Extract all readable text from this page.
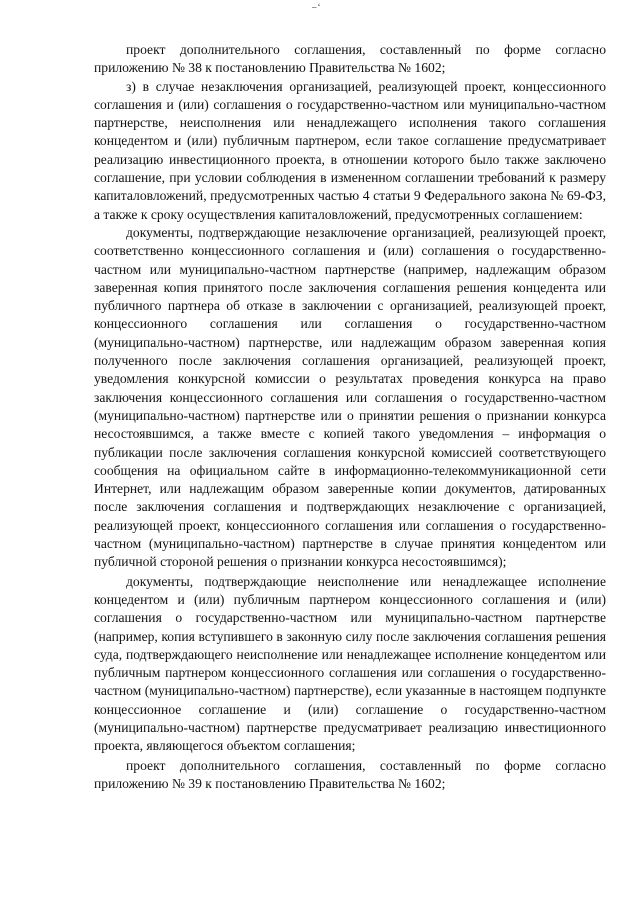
–‘

проект дополнительного соглашения, составленный по форме согласно приложению № 38 к постановлению Правительства № 1602;

з) в случае незаключения организацией, реализующей проект, концессионного соглашения и (или) соглашения о государственно-частном или муниципально-частном партнерстве, неисполнения или ненадлежащего исполнения такого соглашения концедентом и (или) публичным партнером, если такое соглашение предусматривает реализацию инвестиционного проекта, в отношении которого было также заключено соглашение, при условии соблюдения в измененном соглашении требований к размеру капиталовложений, предусмотренных частью 4 статьи 9 Федерального закона № 69-ФЗ, а также к сроку осуществления капиталовложений, предусмотренных соглашением:

документы, подтверждающие незаключение организацией, реализующей проект, соответственно концессионного соглашения и (или) соглашения о государственно-частном или муниципально-частном партнерстве (например, надлежащим образом заверенная копия принятого после заключения соглашения решения концедента или публичного партнера об отказе в заключении с организацией, реализующей проект, концессионного соглашения или соглашения о государственно-частном (муниципально-частном) партнерстве, или надлежащим образом заверенная копия полученного после заключения соглашения организацией, реализующей проект, уведомления конкурсной комиссии о результатах проведения конкурса на право заключения концессионного соглашения или соглашения о государственно-частном (муниципально-частном) партнерстве или о принятии решения о признании конкурса несостоявшимся, а также вместе с копией такого уведомления – информация о публикации после заключения соглашения конкурсной комиссией соответствующего сообщения на официальном сайте в информационно-телекоммуникационной сети Интернет, или надлежащим образом заверенные копии документов, датированных после заключения соглашения и подтверждающих незаключение с организацией, реализующей проект, концессионного соглашения или соглашения о государственно-частном (муниципально-частном) партнерстве в случае принятия концедентом или публичной стороной решения о признании конкурса несостоявшимся);

документы, подтверждающие неисполнение или ненадлежащее исполнение концедентом и (или) публичным партнером концессионного соглашения и (или) соглашения о государственно-частном или муниципально-частном партнерстве (например, копия вступившего в законную силу после заключения соглашения решения суда, подтверждающего неисполнение или ненадлежащее исполнение концедентом или публичным партнером концессионного соглашения или соглашения о государственно-частном (муниципально-частном) партнерстве), если указанные в настоящем подпункте концессионное соглашение и (или) соглашение о государственно-частном (муниципально-частном) партнерстве предусматривает реализацию инвестиционного проекта, являющегося объектом соглашения;

проект дополнительного соглашения, составленный по форме согласно приложению № 39 к постановлению Правительства № 1602;
